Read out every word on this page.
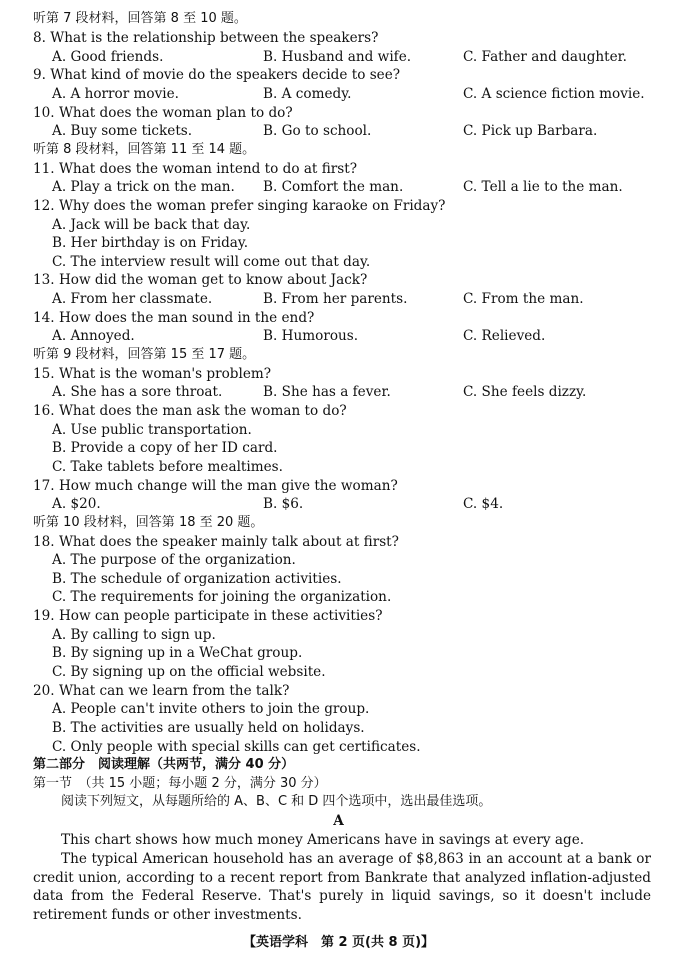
听第 7 段材料，回答第 8 至 10 题。
8. What is the relationship between the speakers?
A. Good friends.	B. Husband and wife.	C. Father and daughter.
9. What kind of movie do the speakers decide to see?
A. A horror movie.	B. A comedy.	C. A science fiction movie.
10. What does the woman plan to do?
A. Buy some tickets.	B. Go to school.	C. Pick up Barbara.
听第 8 段材料，回答第 11 至 14 题。
11. What does the woman intend to do at first?
A. Play a trick on the man. B. Comfort the man.	C. Tell a lie to the man.
12. Why does the woman prefer singing karaoke on Friday?
A. Jack will be back that day.
B. Her birthday is on Friday.
C. The interview result will come out that day.
13. How did the woman get to know about Jack?
A. From her classmate.	B. From her parents.	C. From the man.
14. How does the man sound in the end?
A. Annoyed.	B. Humorous.	C. Relieved.
听第 9 段材料，回答第 15 至 17 题。
15. What is the woman's problem?
A. She has a sore throat.	B. She has a fever.	C. She feels dizzy.
16. What does the man ask the woman to do?
A. Use public transportation.
B. Provide a copy of her ID card.
C. Take tablets before mealtimes.
17. How much change will the man give the woman?
A. $20.	B. $6.	C. $4.
听第 10 段材料，回答第 18 至 20 题。
18. What does the speaker mainly talk about at first?
A. The purpose of the organization.
B. The schedule of organization activities.
C. The requirements for joining the organization.
19. How can people participate in these activities?
A. By calling to sign up.
B. By signing up in a WeChat group.
C. By signing up on the official website.
20. What can we learn from the talk?
A. People can't invite others to join the group.
B. The activities are usually held on holidays.
C. Only people with special skills can get certificates.
第二部分　阅读理解（共两节，满分 40 分）
第一节　（共 15 小题；每小题 2 分，满分 30 分）
阅读下列短文，从每题所给的 A、B、C 和 D 四个选项中，选出最佳选项。
A
This chart shows how much money Americans have in savings at every age.
The typical American household has an average of $8,863 in an account at a bank or credit union, according to a recent report from Bankrate that analyzed inflation-adjusted data from the Federal Reserve. That's purely in liquid savings, so it doesn't include retirement funds or other investments.
【英语学科　第 2 页(共 8 页)】
